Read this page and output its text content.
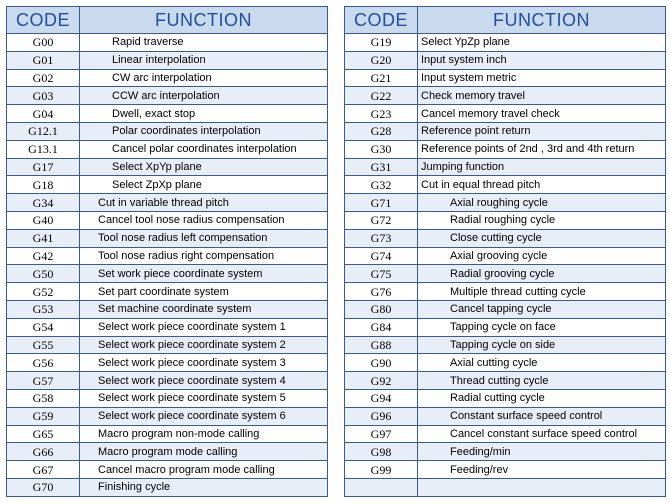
CODE	FUNCTION
G00	Rapid traverse
G01	Linear interpolation
G02	CW arc interpolation
G03	CCW arc interpolation
G04	Dwell, exact stop
G12.1	Polar coordinates interpolation
G13.1	Cancel polar coordinates interpolation
G17	Select XpYp plane
G18	Select ZpXp plane
G34	Cut in variable thread pitch
G40	Cancel tool nose radius compensation
G41	Tool nose radius left compensation
G42	Tool nose radius right compensation
G50	Set work piece coordinate system
G52	Set part coordinate system
G53	Set machine coordinate system
G54	Select work piece coordinate system 1
G55	Select work piece coordinate system 2
G56	Select work piece coordinate system 3
G57	Select work piece coordinate system 4
G58	Select work piece coordinate system 5
G59	Select work piece coordinate system 6
G65	Macro program non-mode calling
G66	Macro program mode calling
G67	Cancel macro program mode calling
G70	Finishing cycle
CODE	FUNCTION
G19	Select YpZp plane
G20	Input system inch
G21	Input system metric
G22	Check memory travel
G23	Cancel memory travel check
G28	Reference point return
G30	Reference points of 2nd , 3rd and 4th return
G31	Jumping function
G32	Cut in equal thread pitch
G71	Axial roughing cycle
G72	Radial roughing cycle
G73	Close cutting cycle
G74	Axial grooving cycle
G75	Radial grooving cycle
G76	Multiple thread cutting cycle
G80	Cancel tapping cycle
G84	Tapping cycle on face
G88	Tapping cycle on side
G90	Axial cutting cycle
G92	Thread cutting cycle
G94	Radial cutting cycle
G96	Constant surface speed control
G97	Cancel constant surface speed control
G98	Feeding/min
G99	Feeding/rev
